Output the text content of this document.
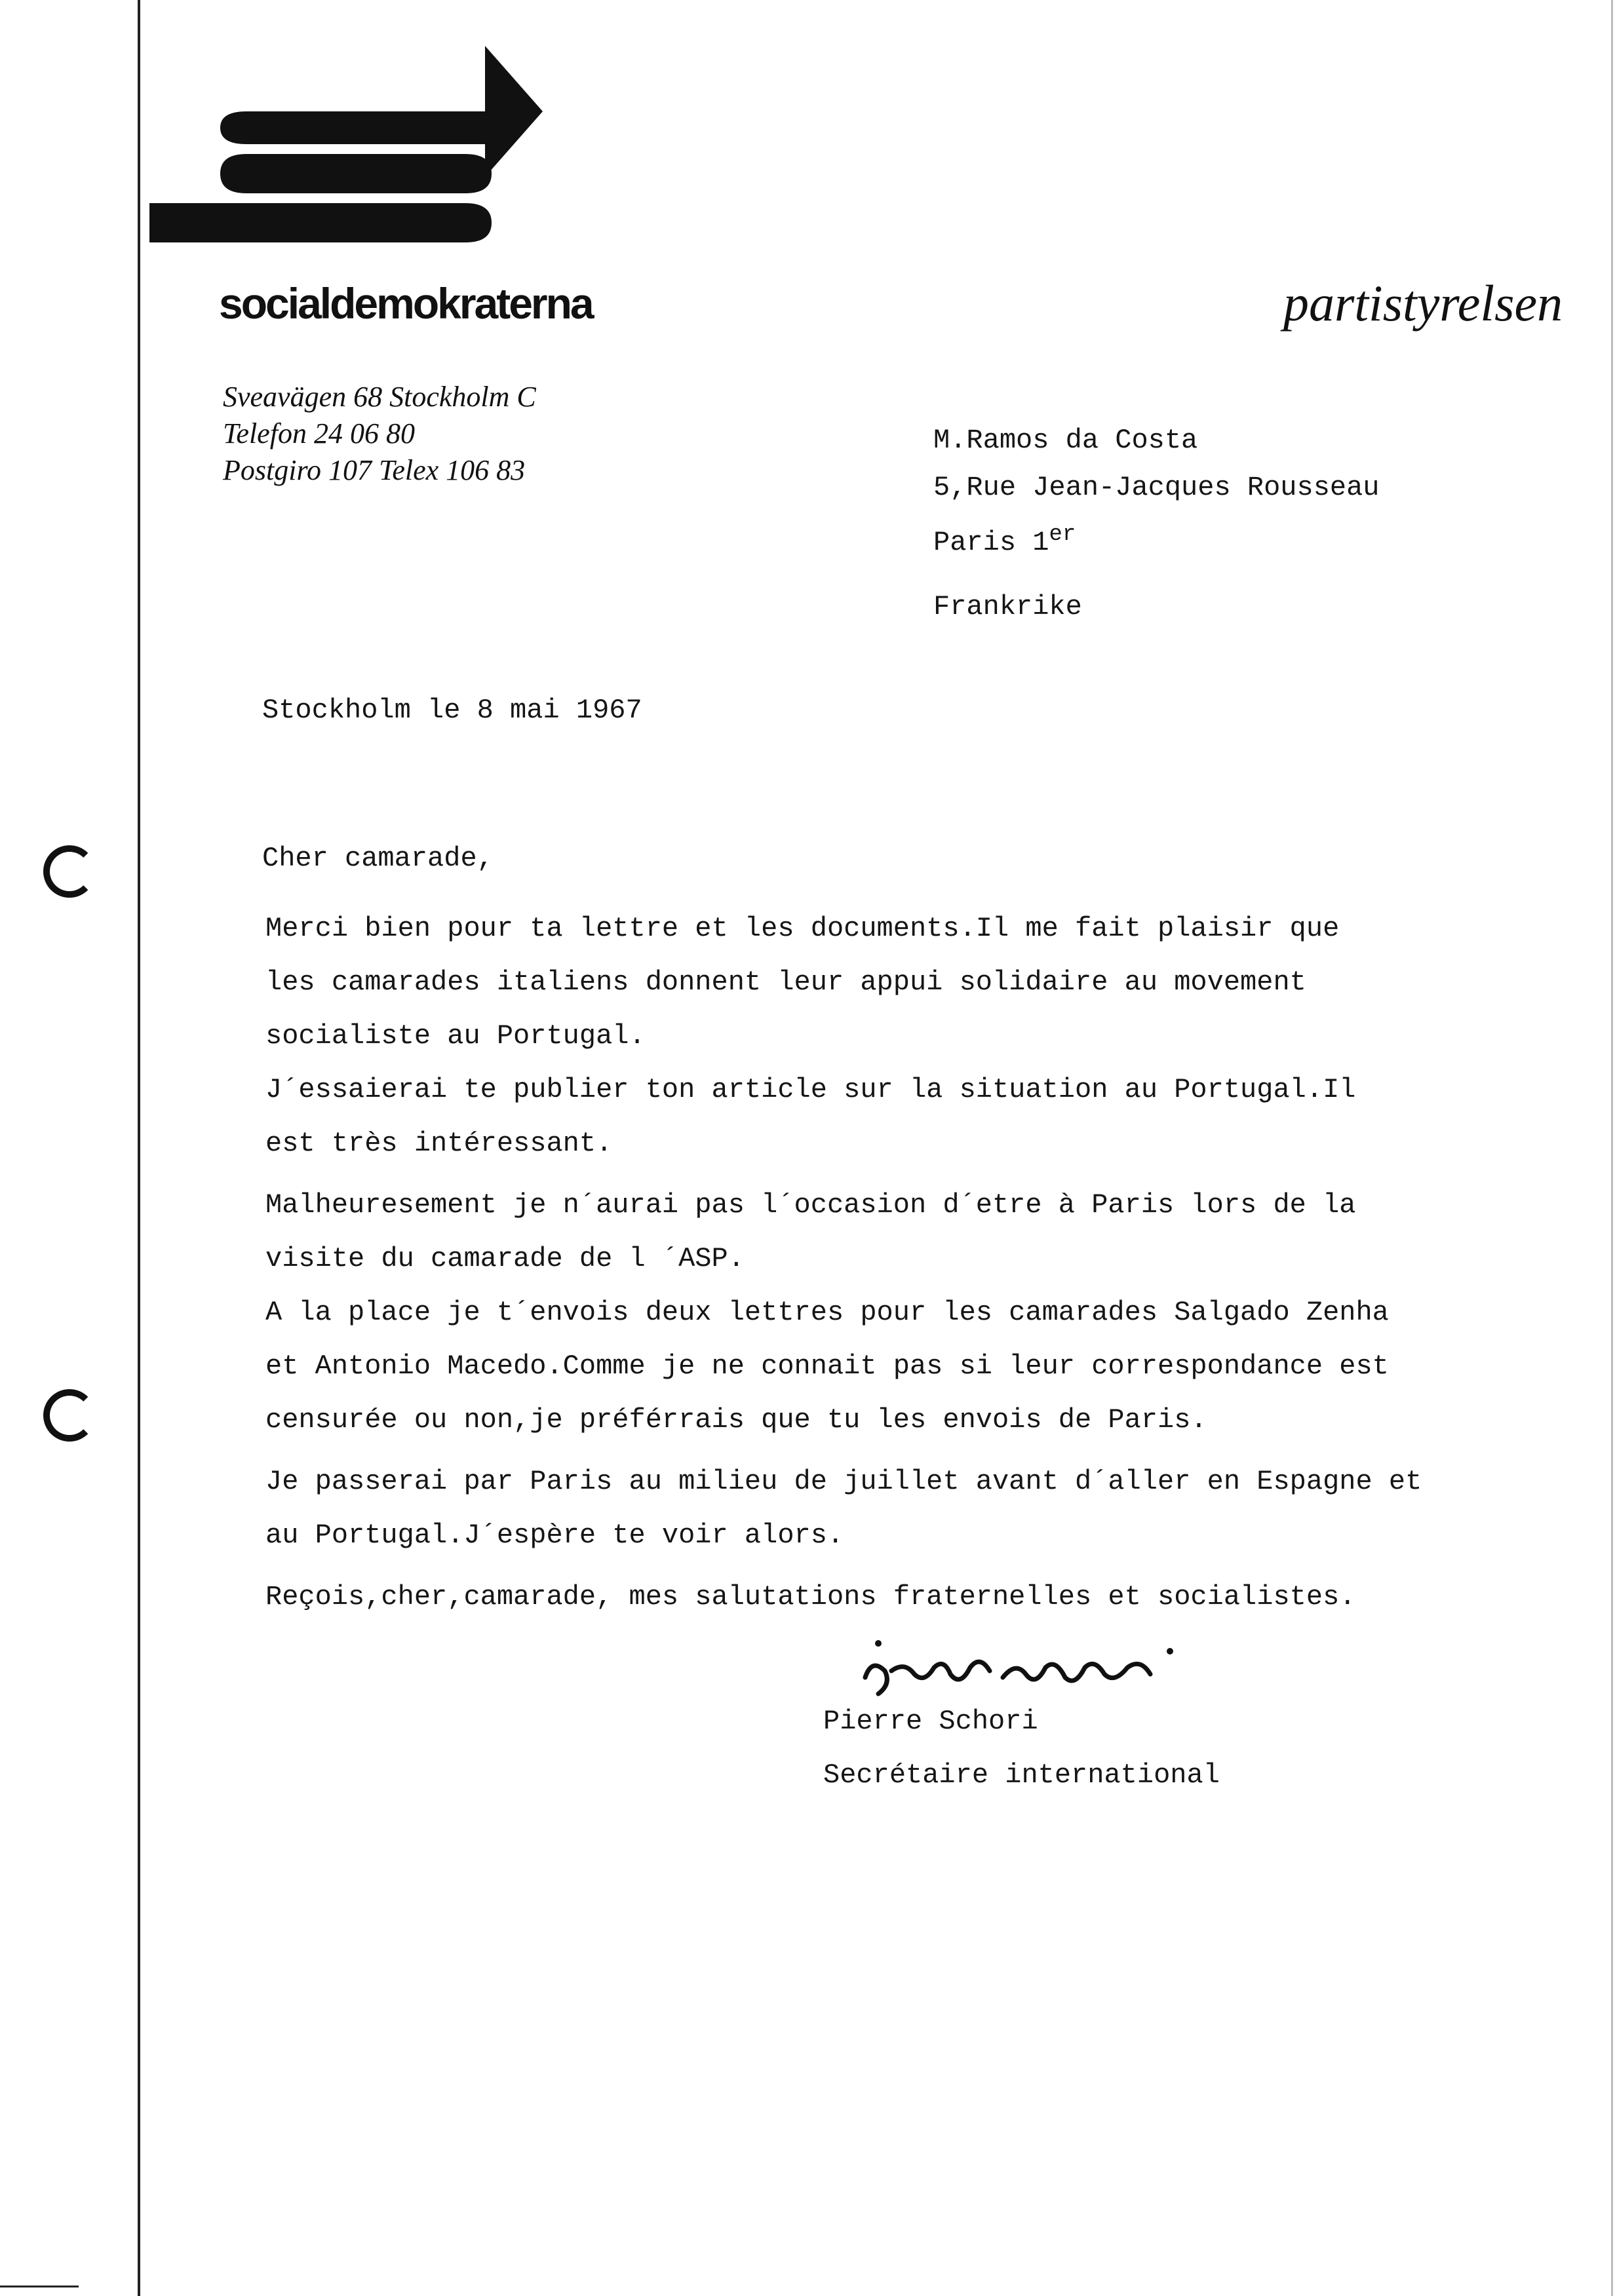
socialdemokraterna	partistyrelsen
Sveavägen 68 Stockholm C
Telefon 24 06 80
Postgiro 107 Telex 106 83
M.Ramos da Costa
5,Rue Jean-Jacques Rousseau
Paris 1er
Frankrike
Stockholm le 8 mai 1967
Cher camarade,
Merci bien pour ta lettre et les documents.Il me fait plaisir que
les camarades italiens donnent leur appui solidaire au movement
socialiste au Portugal.
J´essaierai te publier ton article sur la situation au Portugal.Il
est très intéressant.
Malheuresement je n´aurai pas l´occasion d´etre à Paris lors de la
visite du camarade de l ´ASP.
A la place je t´envois deux lettres pour les camarades Salgado Zenha
et Antonio Macedo.Comme je ne connait pas si leur correspondance est
censurée ou non,je préférrais que tu les envois de Paris.
Je passerai par Paris au milieu de juillet avant d´aller en Espagne et
au Portugal.J´espère te voir alors.
Reçois,cher,camarade, mes salutations fraternelles et socialistes.
Pierre Schori
Secrétaire international
